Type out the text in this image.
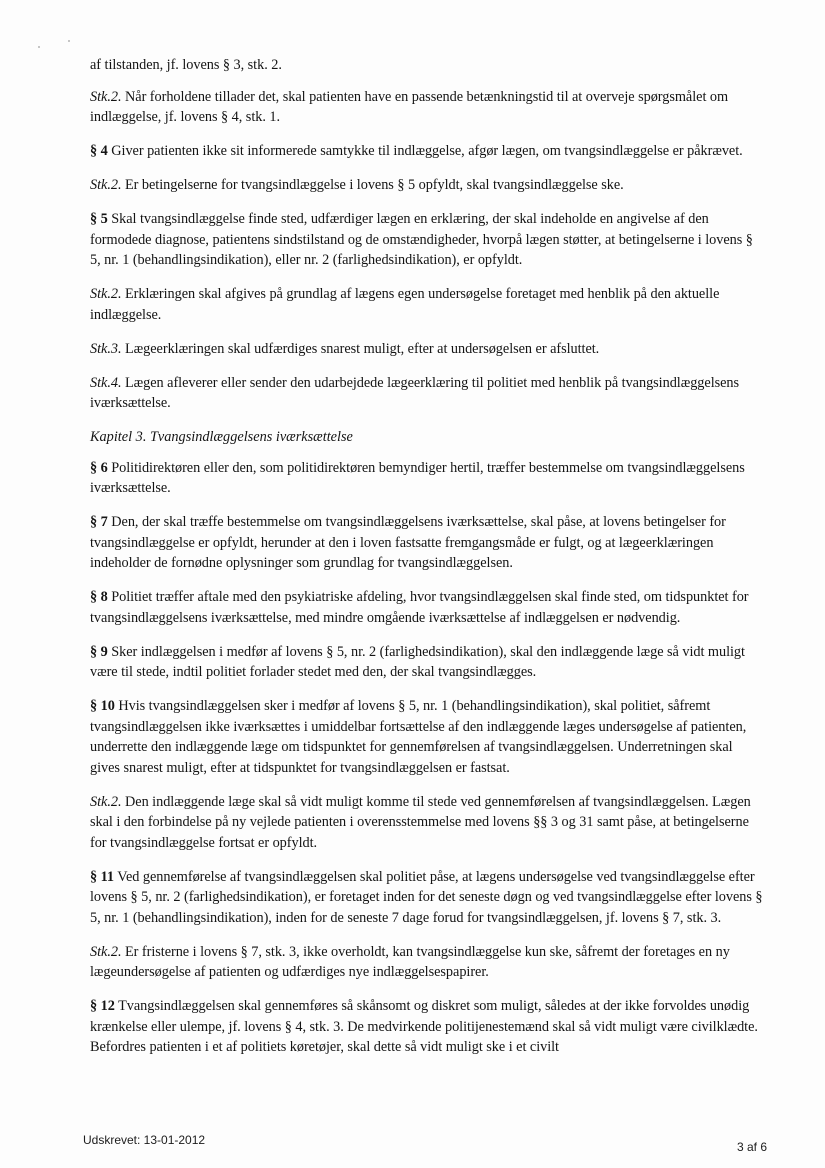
af tilstanden, jf. lovens § 3, stk. 2.

Stk.2. Når forholdene tillader det, skal patienten have en passende betænkningstid til at overveje spørgsmålet om indlæggelse, jf. lovens § 4, stk. 1.

§ 4 Giver patienten ikke sit informerede samtykke til indlæggelse, afgør lægen, om tvangsindlæggelse er påkrævet.

Stk.2. Er betingelserne for tvangsindlæggelse i lovens § 5 opfyldt, skal tvangsindlæggelse ske.

§ 5 Skal tvangsindlæggelse finde sted, udfærdiger lægen en erklæring, der skal indeholde en angivelse af den formodede diagnose, patientens sindstilstand og de omstændigheder, hvorpå lægen støtter, at betingelserne i lovens § 5, nr. 1 (behandlingsindikation), eller nr. 2 (farlighedsindikation), er opfyldt.

Stk.2. Erklæringen skal afgives på grundlag af lægens egen undersøgelse foretaget med henblik på den aktuelle indlæggelse.

Stk.3. Lægeerklæringen skal udfærdiges snarest muligt, efter at undersøgelsen er afsluttet.

Stk.4. Lægen afleverer eller sender den udarbejdede lægeerklæring til politiet med henblik på tvangsindlæggelsens iværksættelse.

Kapitel 3. Tvangsindlæggelsens iværksættelse

§ 6 Politidirektøren eller den, som politidirektøren bemyndiger hertil, træffer bestemmelse om tvangsindlæggelsens iværksættelse.

§ 7 Den, der skal træffe bestemmelse om tvangsindlæggelsens iværksættelse, skal påse, at lovens betingelser for tvangsindlæggelse er opfyldt, herunder at den i loven fastsatte fremgangsmåde er fulgt, og at lægeerklæringen indeholder de fornødne oplysninger som grundlag for tvangsindlæggelsen.

§ 8 Politiet træffer aftale med den psykiatriske afdeling, hvor tvangsindlæggelsen skal finde sted, om tidspunktet for tvangsindlæggelsens iværksættelse, med mindre omgående iværksættelse af indlæggelsen er nødvendig.

§ 9 Sker indlæggelsen i medfør af lovens § 5, nr. 2 (farlighedsindikation), skal den indlæggende læge så vidt muligt være til stede, indtil politiet forlader stedet med den, der skal tvangsindlægges.

§ 10 Hvis tvangsindlæggelsen sker i medfør af lovens § 5, nr. 1 (behandlingsindikation), skal politiet, såfremt tvangsindlæggelsen ikke iværksættes i umiddelbar fortsættelse af den indlæggende læges undersøgelse af patienten, underrette den indlæggende læge om tidspunktet for gennemførelsen af tvangsindlæggelsen. Underretningen skal gives snarest muligt, efter at tidspunktet for tvangsindlæggelsen er fastsat.

Stk.2. Den indlæggende læge skal så vidt muligt komme til stede ved gennemførelsen af tvangsindlæggelsen. Lægen skal i den forbindelse på ny vejlede patienten i overensstemmelse med lovens §§ 3 og 31 samt påse, at betingelserne for tvangsindlæggelse fortsat er opfyldt.

§ 11 Ved gennemførelse af tvangsindlæggelsen skal politiet påse, at lægens undersøgelse ved tvangsindlæggelse efter lovens § 5, nr. 2 (farlighedsindikation), er foretaget inden for det seneste døgn og ved tvangsindlæggelse efter lovens § 5, nr. 1 (behandlingsindikation), inden for de seneste 7 dage forud for tvangsindlæggelsen, jf. lovens § 7, stk. 3.

Stk.2. Er fristerne i lovens § 7, stk. 3, ikke overholdt, kan tvangsindlæggelse kun ske, såfremt der foretages en ny lægeundersøgelse af patienten og udfærdiges nye indlæggelsespapirer.

§ 12 Tvangsindlæggelsen skal gennemføres så skånsomt og diskret som muligt, således at der ikke forvoldes unødig krænkelse eller ulempe, jf. lovens § 4, stk. 3. De medvirkende politijenestemænd skal så vidt muligt være civilklædte. Befordres patienten i et af politiets køretøjer, skal dette så vidt muligt ske i et civilt

Udskrevet: 13-01-2012	3 af 6
